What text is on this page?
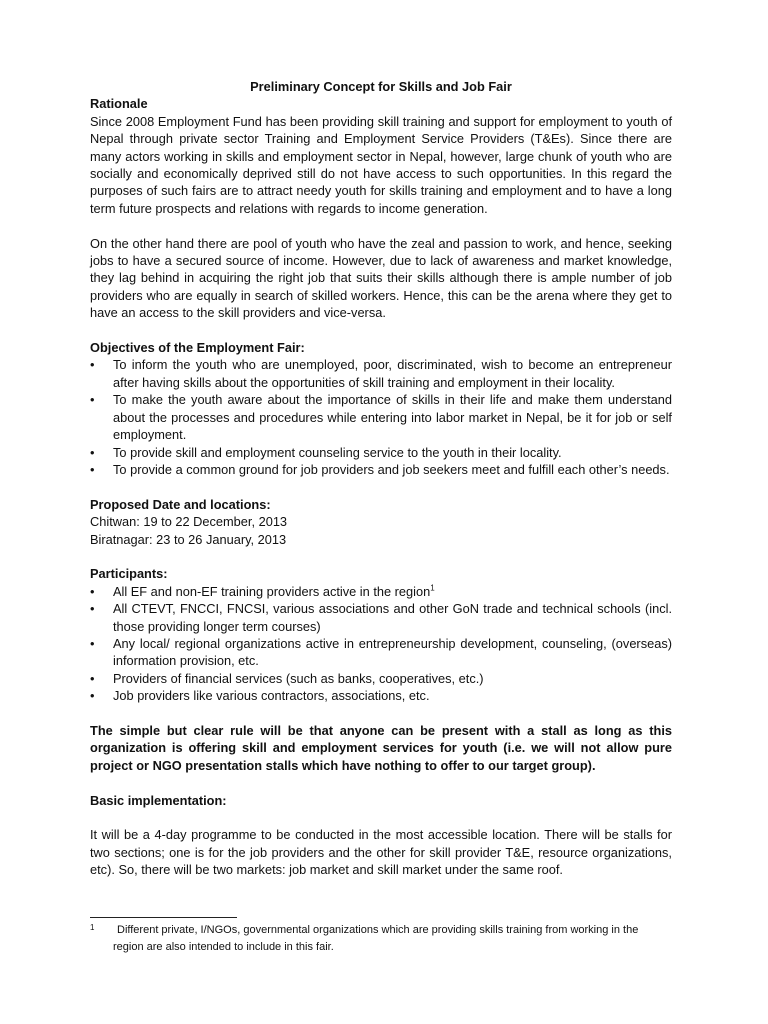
Preliminary Concept for Skills and Job Fair
Rationale

Since 2008 Employment Fund has been providing skill training and support for employment to youth of Nepal through private sector Training and Employment Service Providers (T&Es). Since there are many actors working in skills and employment sector in Nepal, however, large chunk of youth who are socially and economically deprived still do not have access to such opportunities. In this regard the purposes of such fairs are to attract needy youth for skills training and employment and to have a long term future prospects and relations with regards to income generation.

On the other hand there are pool of youth who have the zeal and passion to work, and hence, seeking jobs to have a secured source of income. However, due to lack of awareness and market knowledge, they lag behind in acquiring the right job that suits their skills although there is ample number of job providers who are equally in search of skilled workers. Hence, this can be the arena where they get to have an access to the skill providers and vice-versa.

Objectives of the Employment Fair:
•	To inform the youth who are unemployed, poor, discriminated, wish to become an entrepreneur after having skills about the opportunities of skill training and employment in their locality.
•	To make the youth aware about the importance of skills in their life and make them understand about the processes and procedures while entering into labor market in Nepal, be it for job or self employment.
•	To provide skill and employment counseling service to the youth in their locality.
•	To provide a common ground for job providers and job seekers meet and fulfill each other’s needs.
Proposed Date and locations:
Chitwan: 19 to 22 December, 2013
Biratnagar: 23 to 26 January, 2013
Participants:
•	All EF and non-EF training providers active in the region$^1$
•	All CTEVT, FNCCI, FNCSI, various associations and other GoN trade and technical schools (incl. those providing longer term courses)
•	Any local/ regional organizations active in entrepreneurship development, counseling, (overseas) information provision, etc.
•	Providers of financial services (such as banks, cooperatives, etc.)
•	Job providers like various contractors, associations, etc.

The simple but clear rule will be that anyone can be present with a stall as long as this organization is offering skill and employment services for youth (i.e. we will not allow pure project or NGO presentation stalls which have nothing to offer to our target group).

Basic implementation:

It will be a 4-day programme to be conducted in the most accessible location. There will be stalls for two sections; one is for the job providers and the other for skill provider T&E, resource organizations, etc). So, there will be two markets: job market and skill market under the same roof.

1	Different private, I/NGOs, governmental organizations which are providing skills training from working in the region are also intended to include in this fair.
